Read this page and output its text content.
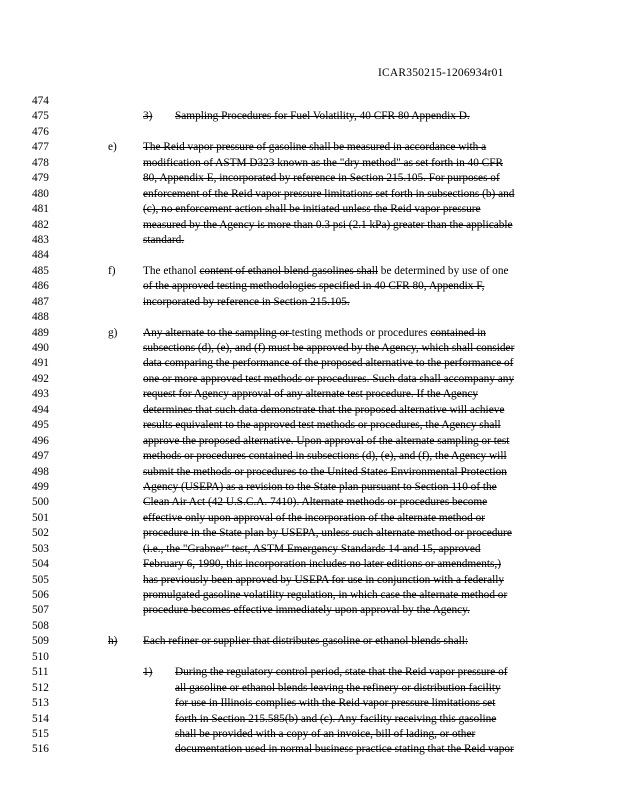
ICAR350215-1206934r01
474
475	3) Sampling Procedures for Fuel Volatility, 40 CFR 80 Appendix D.
476
477	e) The Reid vapor pressure of gasoline shall be measured in accordance with a
478	modification of ASTM D323 known as the "dry method" as set forth in 40 CFR
479	80, Appendix E, incorporated by reference in Section 215.105. For purposes of
480	enforcement of the Reid vapor pressure limitations set forth in subsections (b) and
481	(c), no enforcement action shall be initiated unless the Reid vapor pressure
482	measured by the Agency is more than 0.3 psi (2.1 kPa) greater than the applicable
483	standard.
484
485	f) The ethanol content of ethanol blend gasolines shall be determined by use of one
486	of the approved testing methodologies specified in 40 CFR 80, Appendix F,
487	incorporated by reference in Section 215.105.
488
489	g) Any alternate to the sampling or testing methods or procedures contained in
490	subsections (d), (e), and (f) must be approved by the Agency, which shall consider
491	data comparing the performance of the proposed alternative to the performance of
492	one or more approved test methods or procedures. Such data shall accompany any
493	request for Agency approval of any alternate test procedure. If the Agency
494	determines that such data demonstrate that the proposed alternative will achieve
495	results equivalent to the approved test methods or procedures, the Agency shall
496	approve the proposed alternative. Upon approval of the alternate sampling or test
497	methods or procedures contained in subsections (d), (e), and (f), the Agency will
498	submit the methods or procedures to the United States Environmental Protection
499	Agency (USEPA) as a revision to the State plan pursuant to Section 110 of the
500	Clean Air Act (42 U.S.C.A. 7410). Alternate methods or procedures become
501	effective only upon approval of the incorporation of the alternate method or
502	procedure in the State plan by USEPA, unless such alternate method or procedure
503	(i.e., the "Grabner" test, ASTM Emergency Standards 14 and 15, approved
504	February 6, 1990, this incorporation includes no later editions or amendments,)
505	has previously been approved by USEPA for use in conjunction with a federally
506	promulgated gasoline volatility regulation, in which case the alternate method or
507	procedure becomes effective immediately upon approval by the Agency.
508
509	h) Each refiner or supplier that distributes gasoline or ethanol blends shall:
510
511	1) During the regulatory control period, state that the Reid vapor pressure of
512	all gasoline or ethanol blends leaving the refinery or distribution facility
513	for use in Illinois complies with the Reid vapor pressure limitations set
514	forth in Section 215.585(b) and (c). Any facility receiving this gasoline
515	shall be provided with a copy of an invoice, bill of lading, or other
516	documentation used in normal business practice stating that the Reid vapor
